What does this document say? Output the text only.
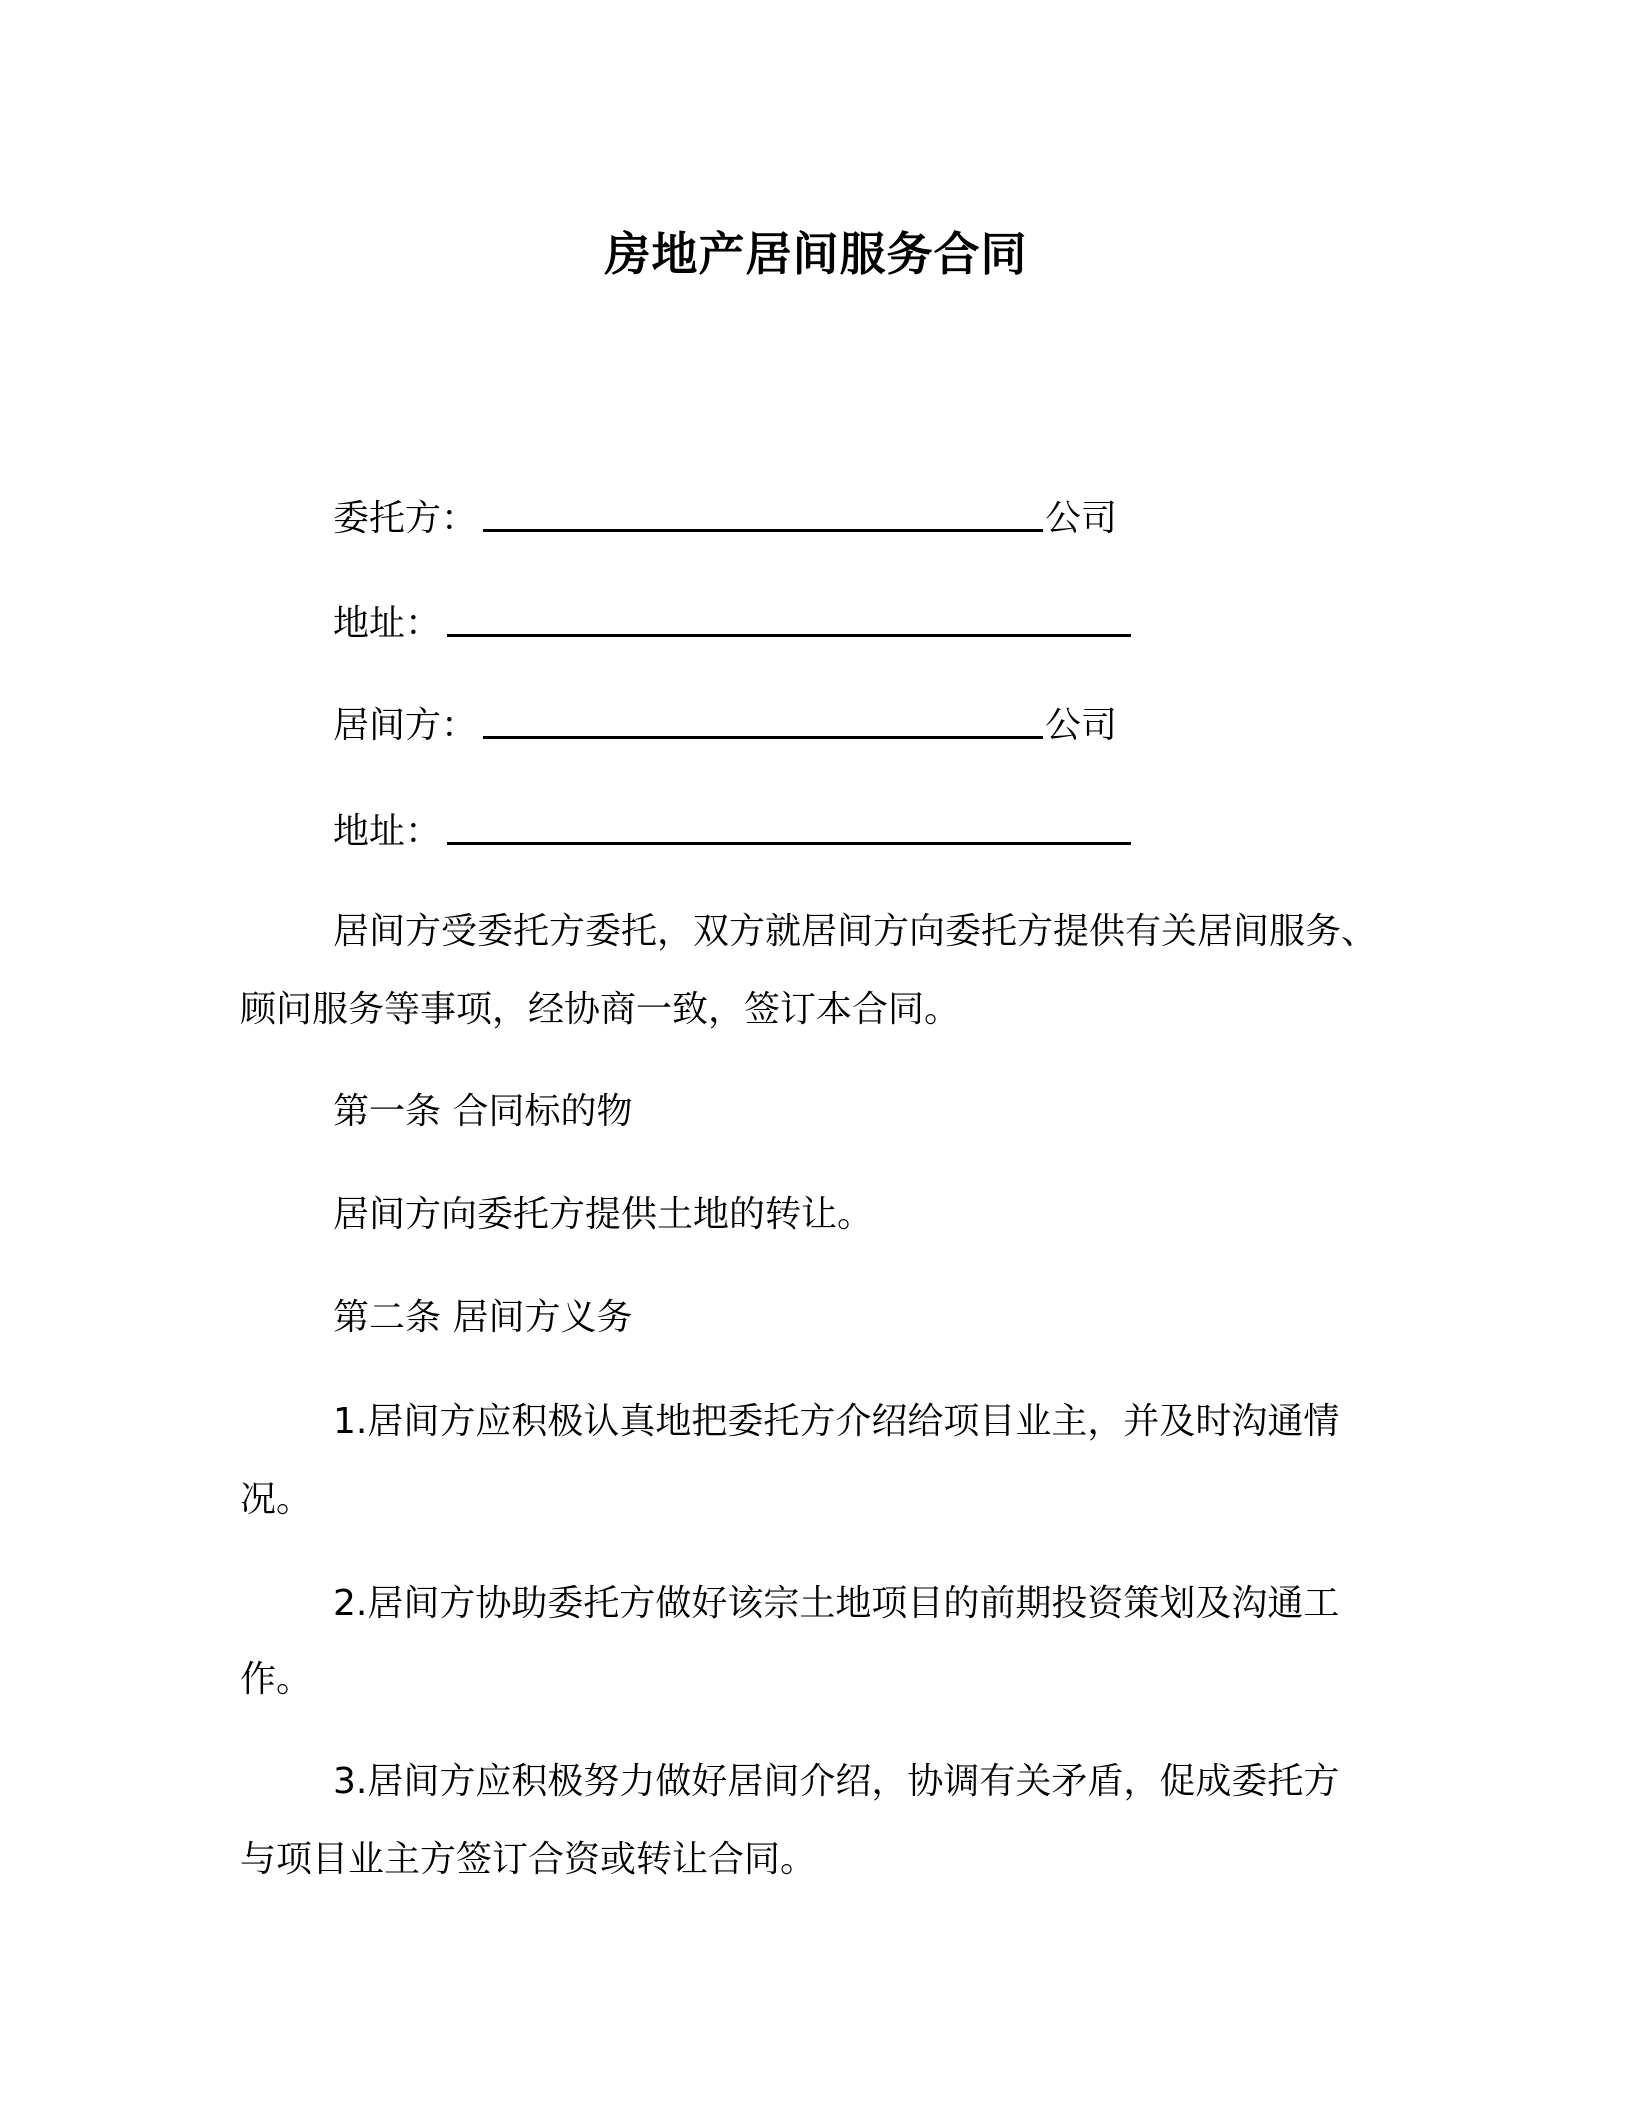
房地产居间服务合同
委托方：	公司
地址：
居间方：	公司
地址：
居间方受委托方委托，双方就居间方向委托方提供有关居间服务、
顾问服务等事项，经协商一致，签订本合同。
第一条 合同标的物
居间方向委托方提供土地的转让。
第二条 居间方义务
1.居间方应积极认真地把委托方介绍给项目业主，并及时沟通情
况。
2.居间方协助委托方做好该宗土地项目的前期投资策划及沟通工
作。
3.居间方应积极努力做好居间介绍，协调有关矛盾，促成委托方
与项目业主方签订合资或转让合同。
